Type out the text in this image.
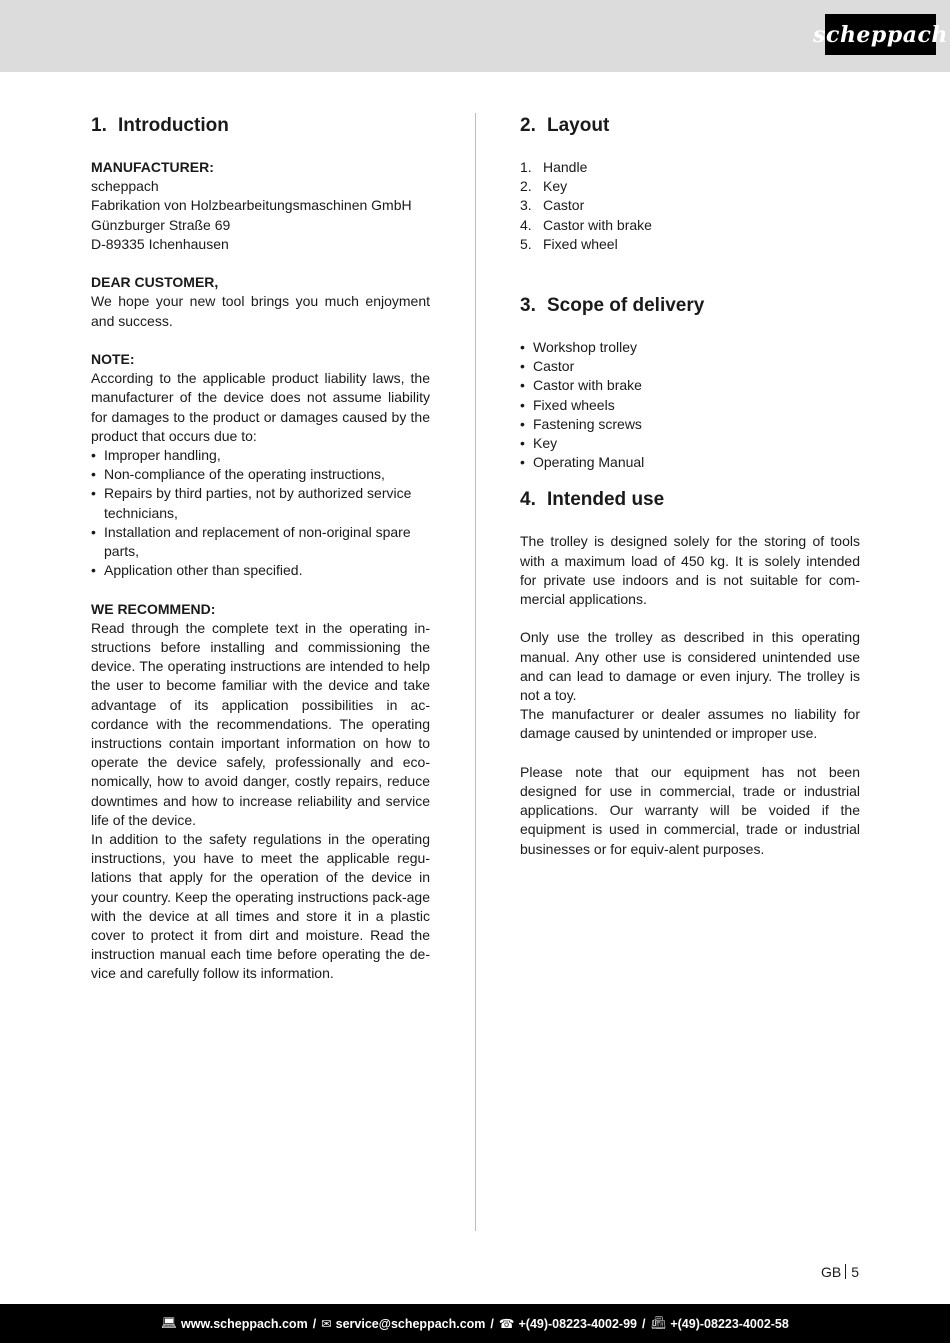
scheppach
1. Introduction

MANUFACTURER:

scheppach

Fabrikation von Holzbearbeitungsmaschinen GmbH

Günzburger Straße 69

D-89335 Ichenhausen

DEAR CUSTOMER,

We hope your new tool brings you much enjoyment and success.

NOTE:

According to the applicable product liability laws, the manufacturer of the device does not assume liability for damages to the product or damages caused by the product that occurs due to:

• Improper handling,
• Non-compliance of the operating instructions,
• Repairs by third parties, not by authorized service technicians,
• Installation and replacement of non-original spare parts,
• Application other than specified.

WE RECOMMEND:

Read through the complete text in the operating in-structions before installing and commissioning the device. The operating instructions are intended to help the user to become familiar with the device and take advantage of its application possibilities in ac-cordance with the recommendations. The operating instructions contain important information on how to operate the device safely, professionally and eco-nomically, how to avoid danger, costly repairs, reduce downtimes and how to increase reliability and service life of the device.

In addition to the safety regulations in the operating instructions, you have to meet the applicable regu-lations that apply for the operation of the device in your country. Keep the operating instructions pack-age with the device at all times and store it in a plastic cover to protect it from dirt and moisture. Read the instruction manual each time before operating the de-vice and carefully follow its information.

2. Layout
1. Handle
2. Key
3. Castor
4. Castor with brake
5. Fixed wheel
3. Scope of delivery
• Workshop trolley
• Castor
• Castor with brake
• Fixed wheels
• Fastening screws
• Key
• Operating Manual
4. Intended use

The trolley is designed solely for the storing of tools with a maximum load of 450 kg. It is solely intended for private use indoors and is not suitable for com-mercial applications.

Only use the trolley as described in this operating manual. Any other use is considered unintended use and can lead to damage or even injury. The trolley is not a toy.

The manufacturer or dealer assumes no liability for damage caused by unintended or improper use.

Please note that our equipment has not been designed for use in commercial, trade or industrial applications. Our warranty will be voided if the equipment is used in commercial, trade or industrial businesses or for equiv-alent purposes.

GB 5
💻︎ www.scheppach.com / ✉︎ service@scheppach.com / ☎︎ +(49)-08223-4002-99 / 📠︎ +(49)-08223-4002-58
